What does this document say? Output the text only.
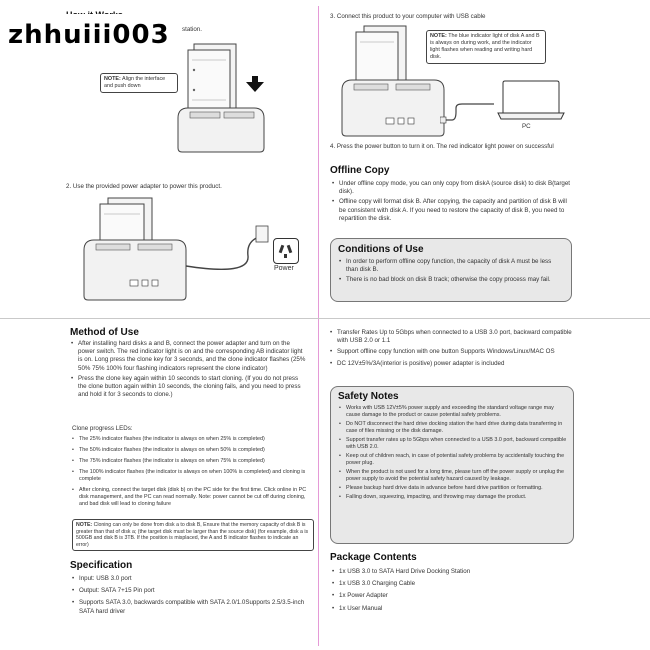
station.
zhhuiii003
NOTE: Align the interface and push down
2. Use the provided power adapter to power this product.
Power
3. Connect this product to your computer with USB cable
NOTE: The blue indicator light of disk A and B is always on during work, and the indicator light flashes when reading and writing hard disk.
PC
4. Press the power button to turn it on. The red indicator light power on successful
Offline Copy
• Under offline copy mode, you can only copy from diskA (source disk) to disk B(target disk).
• Offline copy will format disk B. After copying, the capacity and partition of disk B will be consistent with disk A. If you need to restore the capacity of disk B, you need to repartition the disk.
Conditions of Use
• In order to perform offline copy function, the capacity of disk A must be less than disk B.
• There is no bad block on disk B track; otherwise the copy process may fail.
Method of Use
• After installing hard disks a and B, connect the power adapter and turn on the power switch. The red indicator light is on and the corresponding AB indicator light is on. Long press the clone key for 3 seconds, and the clone indicator flashes (25% 50% 75% 100% four flashing indicators represent the clone indicator)
• Press the clone key again within 10 seconds to start cloning. (If you do not press the clone button again within 10 seconds, the cloning fails, and you need to press and hold it for 3 seconds to clone.)
Clone progress LEDs:
• The 25% indicator flashes (the indicator is always on when 25% is completed)
• The 50% indicator flashes (the indicator is always on when 50% is completed)
• The 75% indicator flashes (the indicator is always on when 75% is completed)
• The 100% indicator flashes (the indicator is always on when 100% is completed) and cloning is complete
• After cloning, connect the target disk (disk b) on the PC side for the first time. Click online in PC disk management, and the PC can read normally. Note: power cannot be cut off during cloning, and bad disk will lead to cloning failure
NOTE: Cloning can only be done from disk a to disk B, Ensure that the memory capacity of disk B is greater than that of disk a; (the target disk must be larger than the source disk) (for example, disk a is 500GB and disk B is 3TB. If the position is misplaced, the A and B indicator flashes to indicate an error)
Specification
• Input: USB 3.0 port
• Output: SATA 7+15 Pin port
• Supports SATA 3.0, backwards compatible with SATA 2.0/1.0Supports 2.5/3.5-inch SATA hard driver
• Transfer Rates Up to 5Gbps when connected to a USB 3.0 port, backward compatible with USB 2.0 or 1.1
• Support offline copy function with one button Supports Windows/Linux/MAC OS
• DC 12V±5%/3A(interior is positive) power adapter is included
Safety Notes
• Works with USB 12V±5% power supply and exceeding the standard voltage range may cause damage to the product or cause potential safety problems.
• Do NOT disconnect the hard drive docking station the hard drive during data transferring in case of files missing or the disk damage.
• Support transfer rates up to 5Gbps when connected to a USB 3.0 port, backward compatible with USB 2.0.
• Keep out of children reach, in case of potential safety problems by accidentally touching the power plug.
• When the product is not used for a long time, please turn off the power supply or unplug the power supply to avoid the potential safety hazard caused by leakage.
• Please backup hard drive data in advance before hard drive partition or formatting.
• Falling down, squeezing, impacting, and throwing may damage the product.
Package Contents
• 1x USB 3.0 to SATA Hard Drive Docking Station
• 1x USB 3.0 Charging Cable
• 1x Power Adapter
• 1x User Manual
